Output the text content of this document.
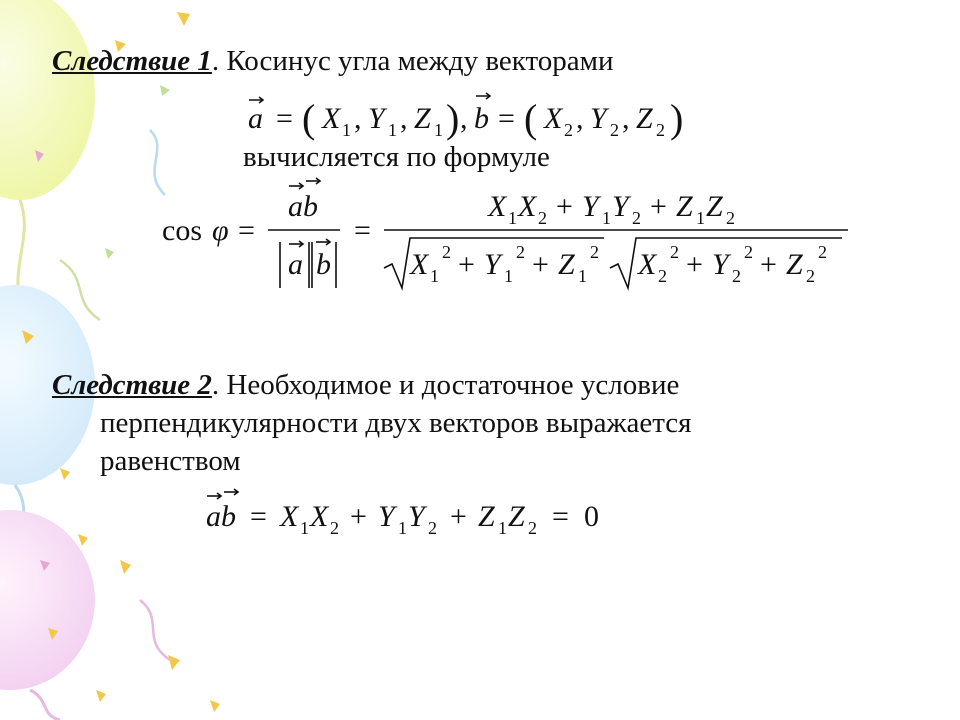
Следствие 1. Косинус угла между векторами
a = ( X 1 , Y 1 , Z 1 ) , b = ( X 2 , Y 2 , Z 2 )
вычисляется по формуле
cos φ =
ab
a b
=
X 1 X 2 + Y 1 Y 2 + Z 1 Z 2
X 1
2 + Y 1
2 + Z 1
2 X 2
2 + Y 2
2 + Z 2
2
Следствие 2. Необходимое и достаточное условие
перпендикулярности двух векторов выражается
равенством
ab = X 1 X 2 + Y 1 Y 2 + Z 1 Z 2 = 0
